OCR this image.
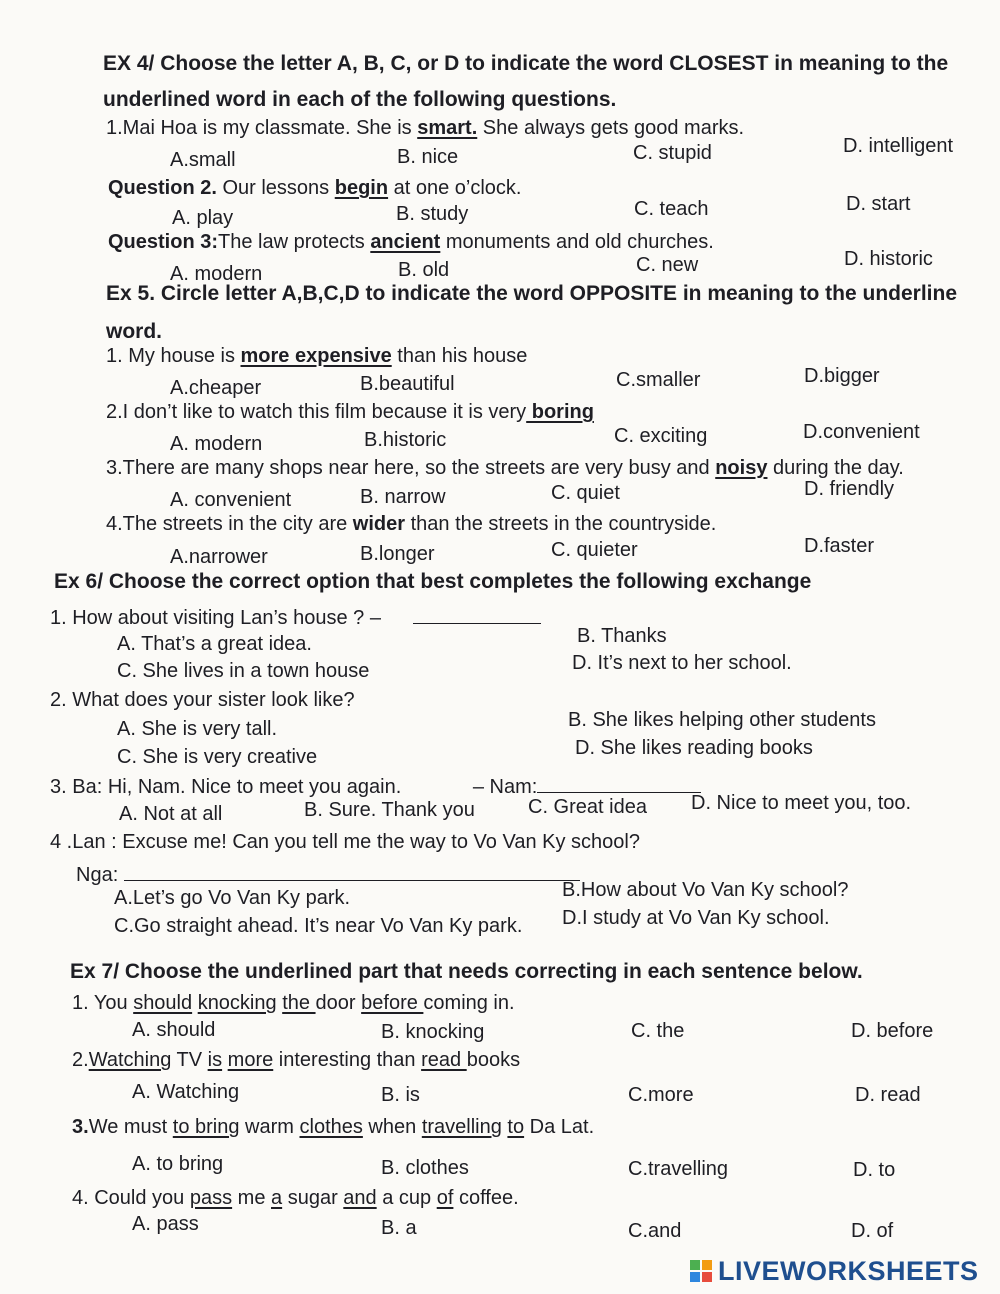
EX 4/ Choose the letter A, B, C, or D to indicate the word CLOSEST in meaning to the
underlined word in each of the following questions.
1.Mai Hoa is my classmate. She is smart. She always gets good marks.
A.small	B. nice	C. stupid	D. intelligent
Question 2. Our lessons begin at one o’clock.
A. play	B. study	C. teach	D. start
Question 3:The law protects ancient monuments and old churches.
A. modern	B. old	C. new	D. historic
Ex 5. Circle letter A,B,C,D to indicate the word OPPOSITE in meaning to the underline
word.
1. My house is more expensive than his house
A.cheaper	B.beautiful	C.smaller	D.bigger
2.I don’t like to watch this film because it is very boring
A. modern	B.historic	C. exciting	D.convenient
3.There are many shops near here, so the streets are very busy and noisy during the day.
A. convenient	B. narrow	C. quiet	D. friendly
4.The streets in the city are wider than the streets in the countryside.
A.narrower	B.longer	C. quieter	D.faster
Ex 6/ Choose the correct option that best completes the following exchange
1. How about visiting Lan’s house ? –
A. That’s a great idea.	B. Thanks
C. She lives in a town house	D. It’s next to her school.
2. What does your sister look like?
A. She is very tall.	B. She likes helping other students
C. She is very creative	D. She likes reading books
3. Ba: Hi, Nam. Nice to meet you again.	– Nam:
A. Not at all	B. Sure. Thank you	C. Great idea D. Nice to meet you, too.
4 .Lan : Excuse me! Can you tell me the way to Vo Van Ky school?
Nga:
A.Let’s go Vo Van Ky park.	B.How about Vo Van Ky school?
C.Go straight ahead. It’s near Vo Van Ky park. D.I study at Vo Van Ky school.
Ex 7/ Choose the underlined part that needs correcting in each sentence below.
1. You should knocking the door before coming in.
A. should	B. knocking	C. the	D. before
2.Watching TV is more interesting than read books
A. Watching	B. is	C.more	D. read
3.We must to bring warm clothes when travelling to Da Lat.
A. to bring	B. clothes	C.travelling	D. to
4. Could you pass me a sugar and a cup of coffee.
A. pass	B. a	C.and	D. of
LIVEWORKSHEETS
